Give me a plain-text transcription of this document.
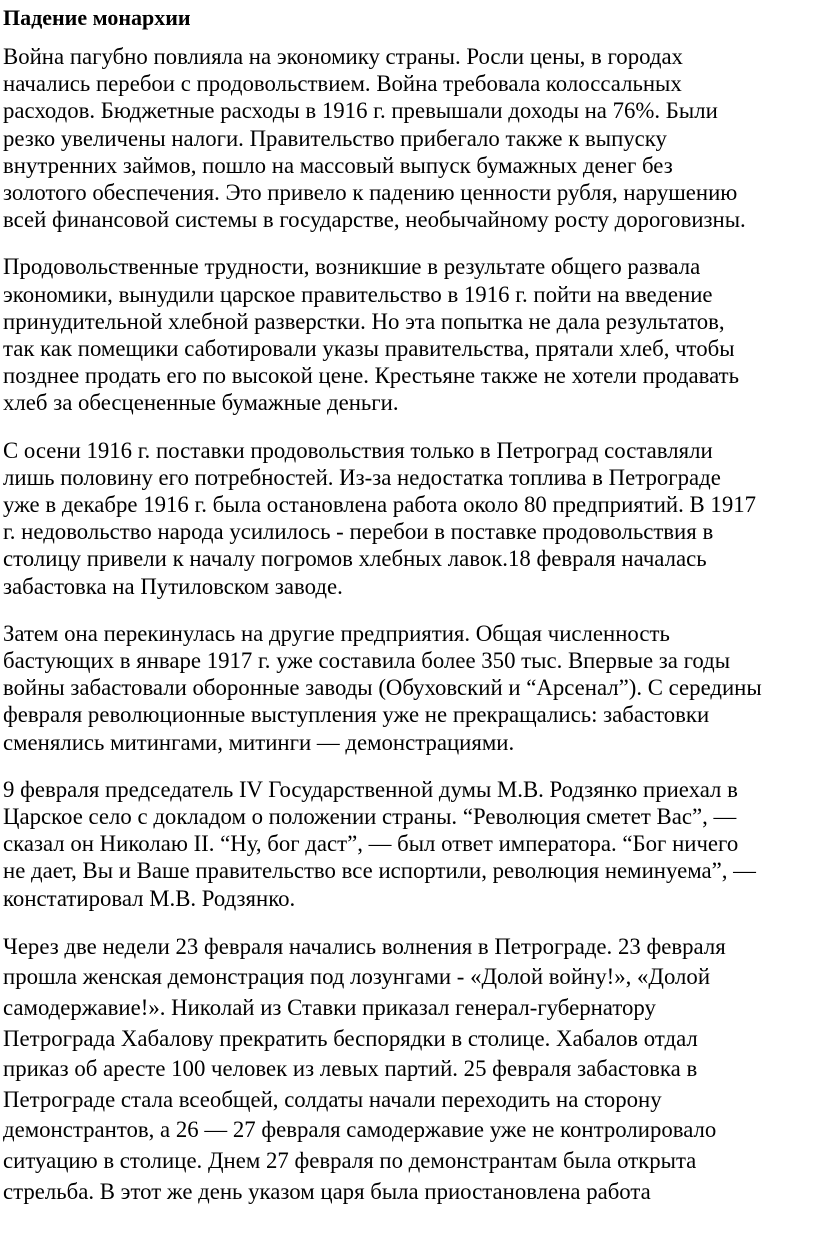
Падение монархии
Война пагубно повлияла на экономику страны. Росли цены, в городах
начались перебои с продовольствием. Война требовала колоссальных
расходов. Бюджетные расходы в 1916 г. превышали доходы на 76%. Были
резко увеличены налоги. Правительство прибегало также к выпуску
внутренних займов, пошло на массовый выпуск бумажных денег без
золотого обеспечения. Это привело к падению ценности рубля, нарушению
всей финансовой системы в государстве, необычайному росту дороговизны.
Продовольственные трудности, возникшие в результате общего развала
экономики, вынудили царское правительство в 1916 г. пойти на введение
принудительной хлебной разверстки. Но эта попытка не дала результатов,
так как помещики саботировали указы правительства, прятали хлеб, чтобы
позднее продать его по высокой цене. Крестьяне также не хотели продавать
хлеб за обесцененные бумажные деньги.
С осени 1916 г. поставки продовольствия только в Петроград составляли
лишь половину его потребностей. Из-за недостатка топлива в Петрограде
уже в декабре 1916 г. была остановлена работа около 80 предприятий. В 1917
г. недовольство народа усилилось - перебои в поставке продовольствия в
столицу привели к началу погромов хлебных лавок.18 февраля началась
забастовка на Путиловском заводе.
Затем она перекинулась на другие предприятия. Общая численность
бастующих в январе 1917 г. уже составила более 350 тыс. Впервые за годы
войны забастовали оборонные заводы (Обуховский и “Арсенал”). С середины
февраля революционные выступления уже не прекращались: забастовки
сменялись митингами, митинги — демонстрациями.
9 февраля председатель IV Государственной думы М.В. Родзянко приехал в
Царское село с докладом о положении страны. “Революция сметет Вас”, —
сказал он Николаю II. “Ну, бог даст”, — был ответ императора. “Бог ничего
не дает, Вы и Ваше правительство все испортили, революция неминуема”, —
констатировал М.В. Родзянко.
Через две недели 23 февраля начались волнения в Петрограде. 23 февраля
прошла женская демонстрация под лозунгами - «Долой войну!», «Долой
самодержавие!». Николай из Ставки приказал генерал-губернатору
Петрограда Хабалову прекратить беспорядки в столице. Хабалов отдал
приказ об аресте 100 человек из левых партий. 25 февраля забастовка в
Петрограде стала всеобщей, солдаты начали переходить на сторону
демонстрантов, а 26 — 27 февраля самодержавие уже не контролировало
ситуацию в столице. Днем 27 февраля по демонстрантам была открыта
стрельба. В этот же день указом царя была приостановлена работа
